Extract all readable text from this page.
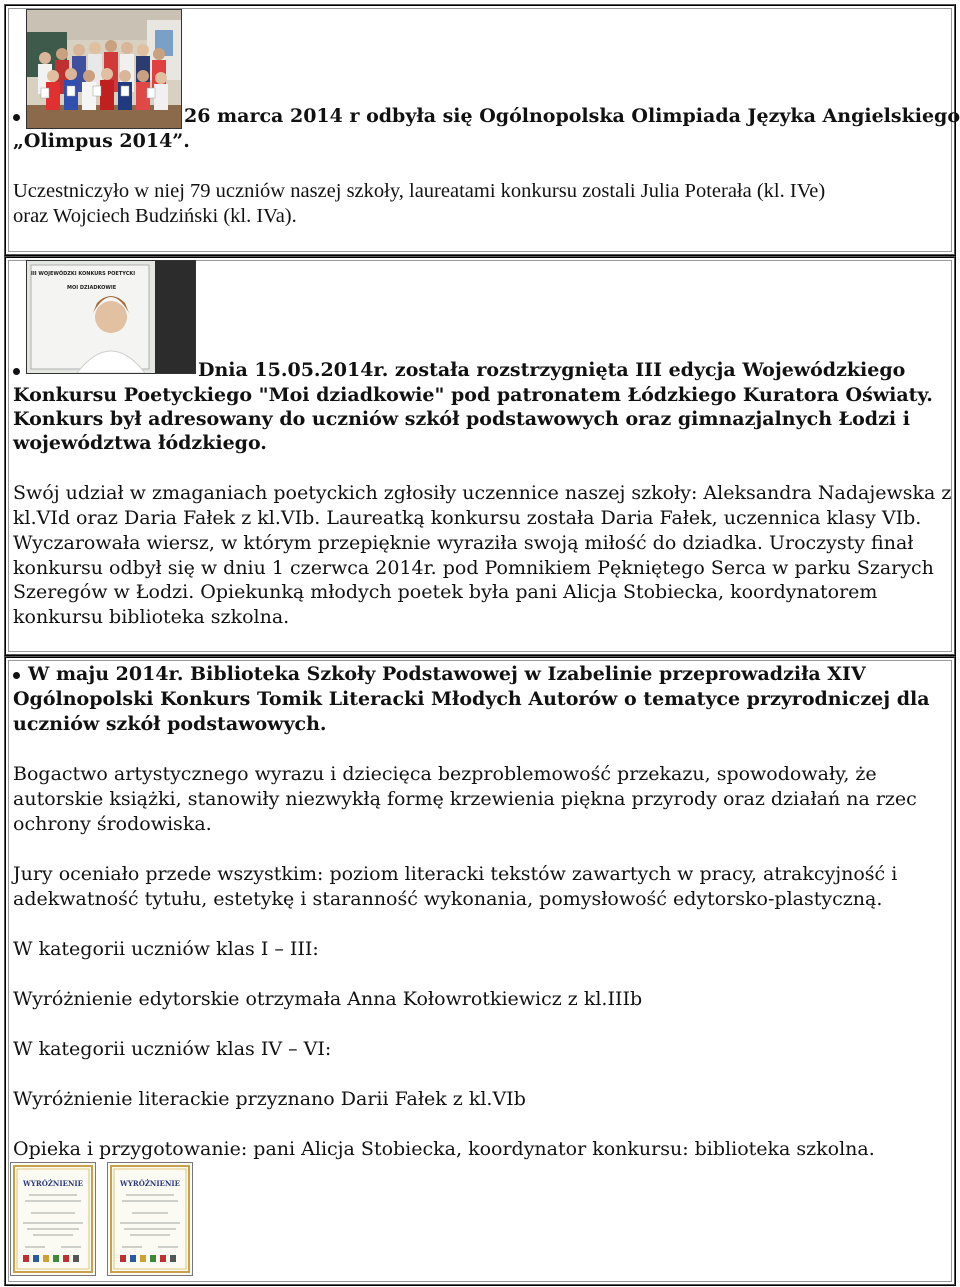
26 marca 2014 r odbyła się Ogólnopolska Olimpiada Języka Angielskiego
„Olimpus 2014”.
Uczestniczyło w niej 79 uczniów naszej szkoły, laureatami konkursu zostali Julia Poterała (kl. IVe)
oraz Wojciech Budziński (kl. IVa).
III WOJEWÓDZKI KONKURS POETYCKI
MOI DZIADKOWIE
Dnia 15.05.2014r. została rozstrzygnięta III edycja Wojewódzkiego
Konkursu Poetyckiego "Moi dziadkowie" pod patronatem Łódzkiego Kuratora Oświaty.
Konkurs był adresowany do uczniów szkół podstawowych oraz gimnazjalnych Łodzi i
województwa łódzkiego.
Swój udział w zmaganiach poetyckich zgłosiły uczennice naszej szkoły: Aleksandra Nadajewska z
kl.VId oraz Daria Fałek z kl.VIb. Laureatką konkursu została Daria Fałek, uczennica klasy VIb.
Wyczarowała wiersz, w którym przepięknie wyraziła swoją miłość do dziadka. Uroczysty finał
konkursu odbył się w dniu 1 czerwca 2014r. pod Pomnikiem Pękniętego Serca w parku Szarych
Szeregów w Łodzi. Opiekunką młodych poetek była pani Alicja Stobiecka, koordynatorem
konkursu biblioteka szkolna.
W maju 2014r. Biblioteka Szkoły Podstawowej w Izabelinie przeprowadziła XIV
Ogólnopolski Konkurs Tomik Literacki Młodych Autorów o tematyce przyrodniczej dla
uczniów szkół podstawowych.
Bogactwo artystycznego wyrazu i dziecięca bezproblemowość przekazu, spowodowały, że
autorskie książki, stanowiły niezwykłą formę krzewienia piękna przyrody oraz działań na rzec
ochrony środowiska.
Jury oceniało przede wszystkim: poziom literacki tekstów zawartych w pracy, atrakcyjność i
adekwatność tytułu, estetykę i staranność wykonania, pomysłowość edytorsko-plastyczną.
W kategorii uczniów klas I – III:
Wyróżnienie edytorskie otrzymała Anna Kołowrotkiewicz z kl.IIIb
W kategorii uczniów klas IV – VI:
Wyróżnienie literackie przyznano Darii Fałek z kl.VIb
Opieka i przygotowanie: pani Alicja Stobiecka, koordynator konkursu: biblioteka szkolna.
WYRÓŻNIENIE	WYRÓŻNIENIE
